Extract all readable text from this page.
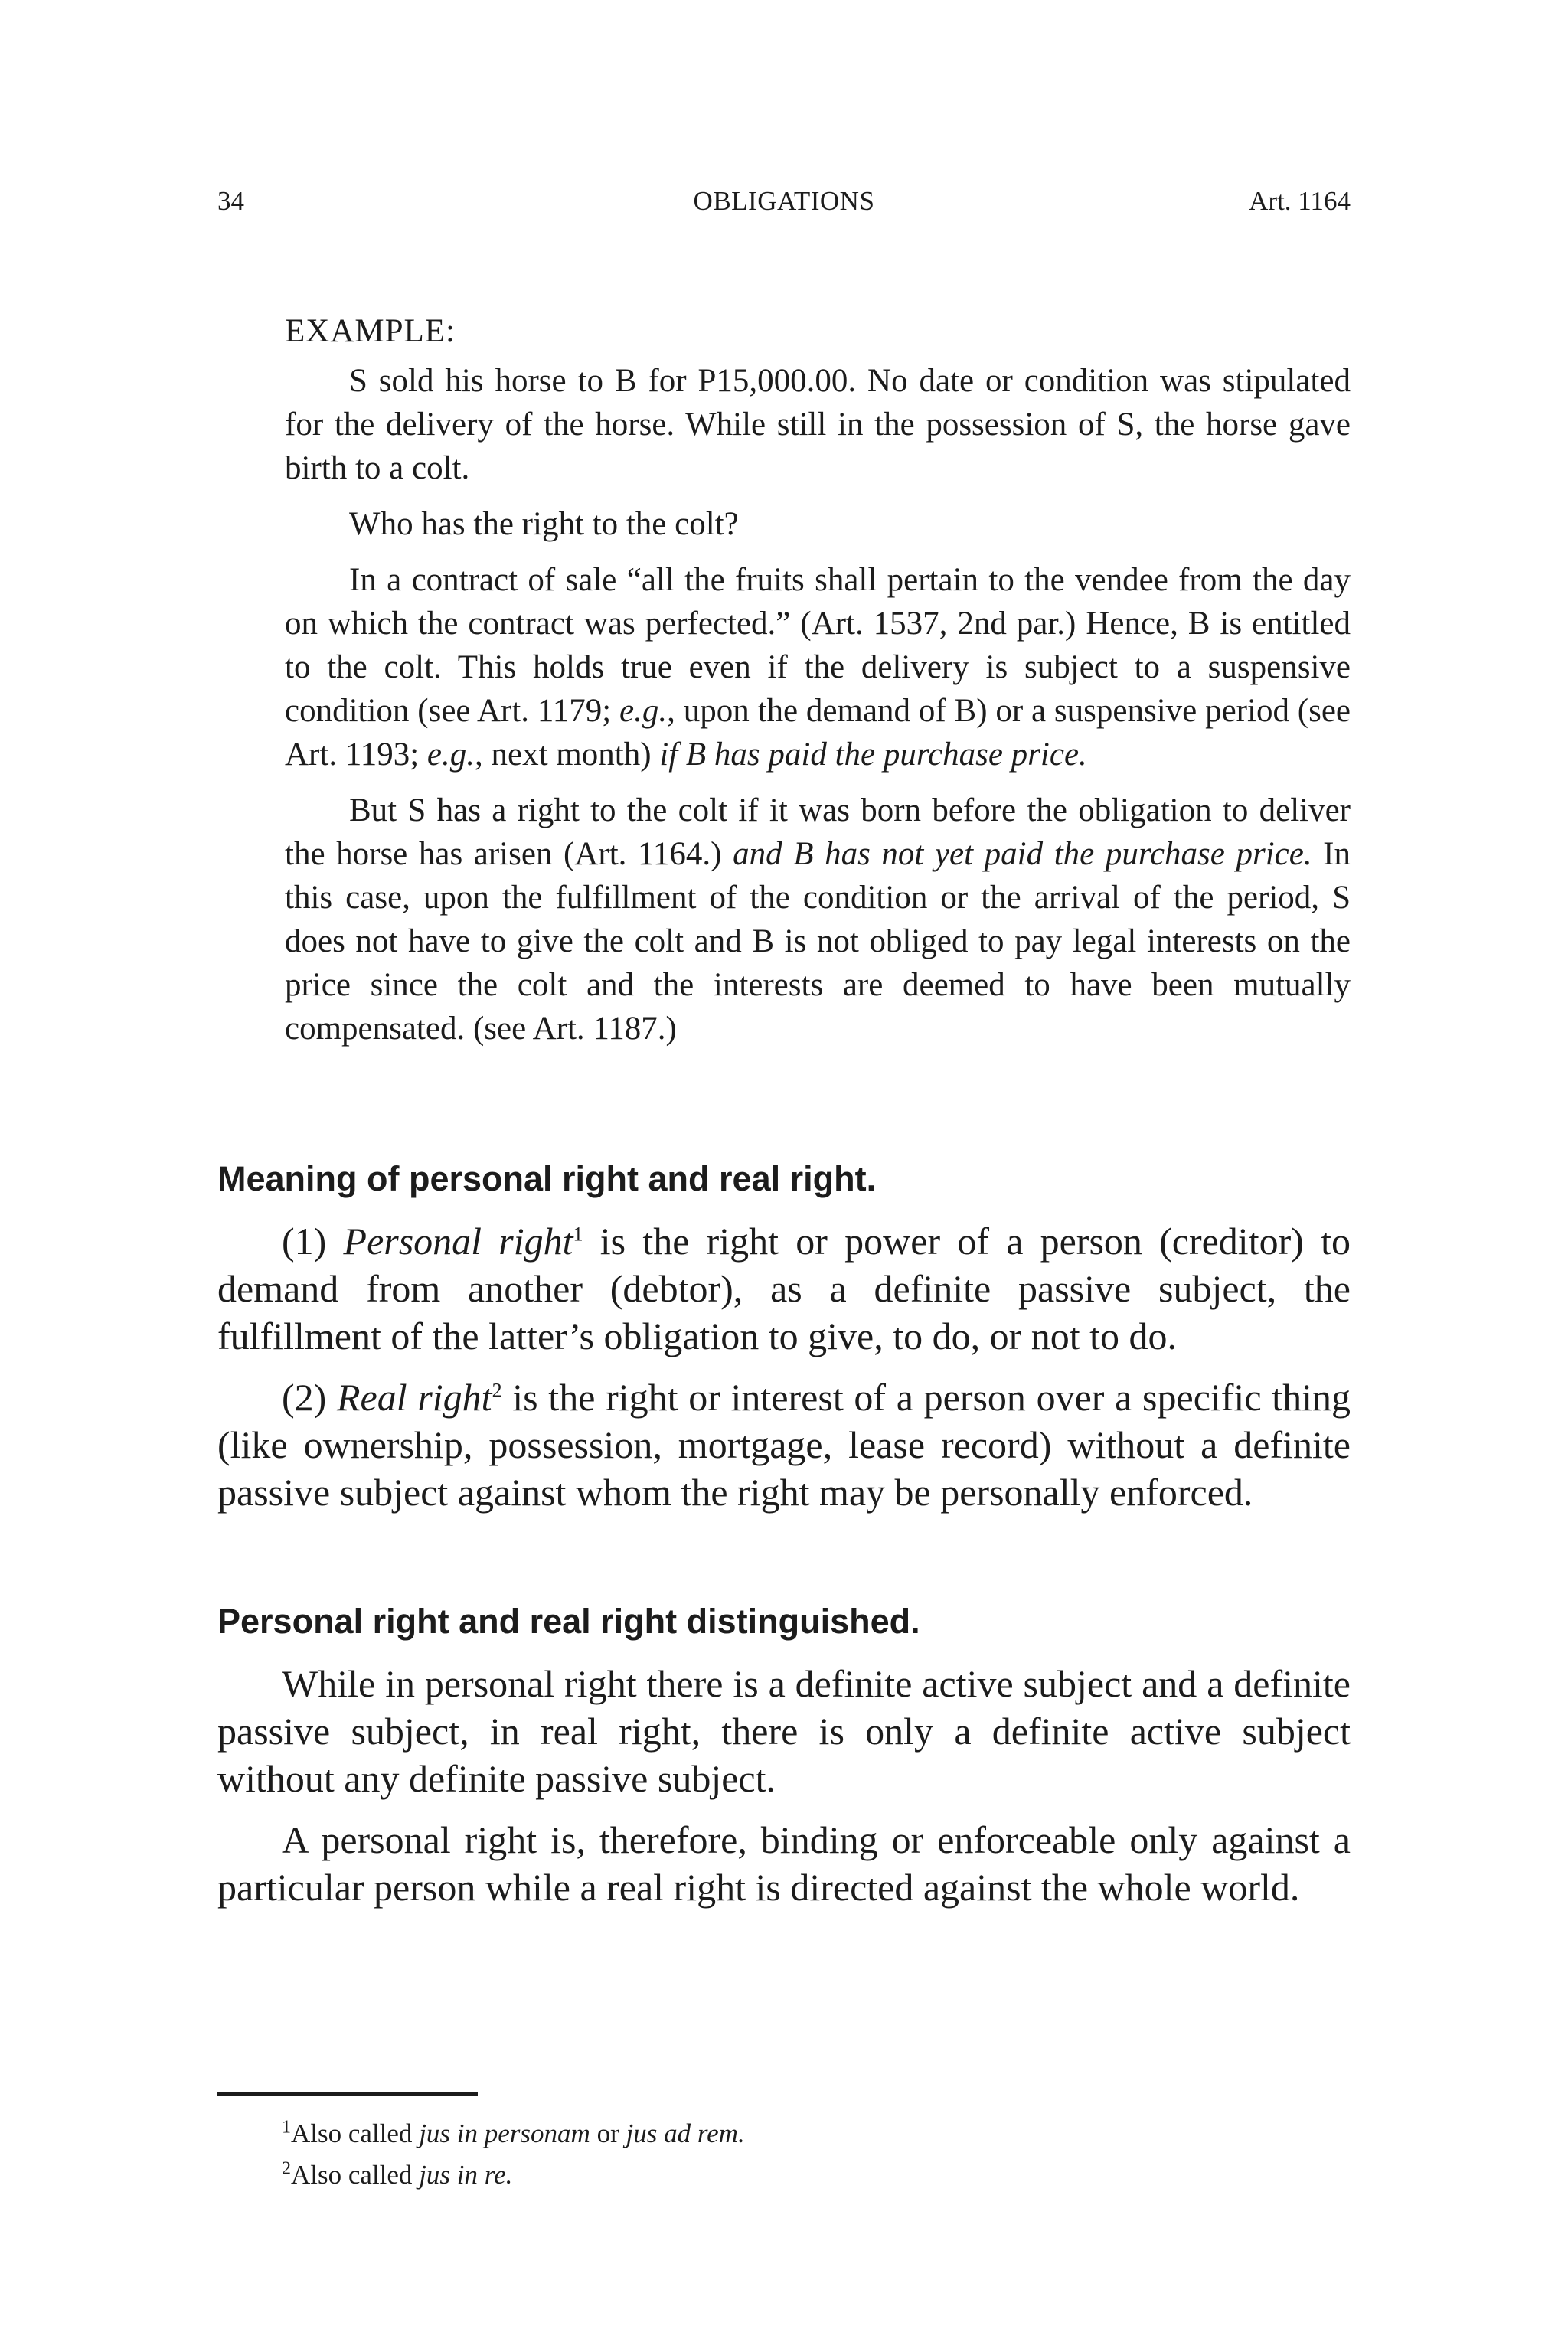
34	OBLIGATIONS	Art. 1164
EXAMPLE:

S sold his horse to B for P15,000.00. No date or condition was stipulated for the delivery of the horse. While still in the possession of S, the horse gave birth to a colt.

Who has the right to the colt?

In a contract of sale “all the fruits shall pertain to the vendee from the day on which the contract was perfected.” (Art. 1537, 2nd par.) Hence, B is entitled to the colt. This holds true even if the delivery is subject to a suspensive condition (see Art. 1179; e.g., upon the demand of B) or a suspensive period (see Art. 1193; e.g., next month) if B has paid the purchase price.

But S has a right to the colt if it was born before the obligation to deliver the horse has arisen (Art. 1164.) and B has not yet paid the purchase price. In this case, upon the fulfillment of the condition or the arrival of the period, S does not have to give the colt and B is not obliged to pay legal interests on the price since the colt and the interests are deemed to have been mutually compensated. (see Art. 1187.)

Meaning of personal right and real right.

(1) Personal right$^1$ is the right or power of a person (creditor) to demand from another (debtor), as a definite passive subject, the fulfillment of the latter’s obligation to give, to do, or not to do.

(2) Real right$^2$ is the right or interest of a person over a specific thing (like ownership, possession, mortgage, lease record) without a definite passive subject against whom the right may be personally enforced.

Personal right and real right distinguished.

While in personal right there is a definite active subject and a definite passive subject, in real right, there is only a definite active subject without any definite passive subject.

A personal right is, therefore, binding or enforceable only against a particular person while a real right is directed against the whole world.

$^1$Also called jus in personam or jus ad rem.

$^2$Also called jus in re.
